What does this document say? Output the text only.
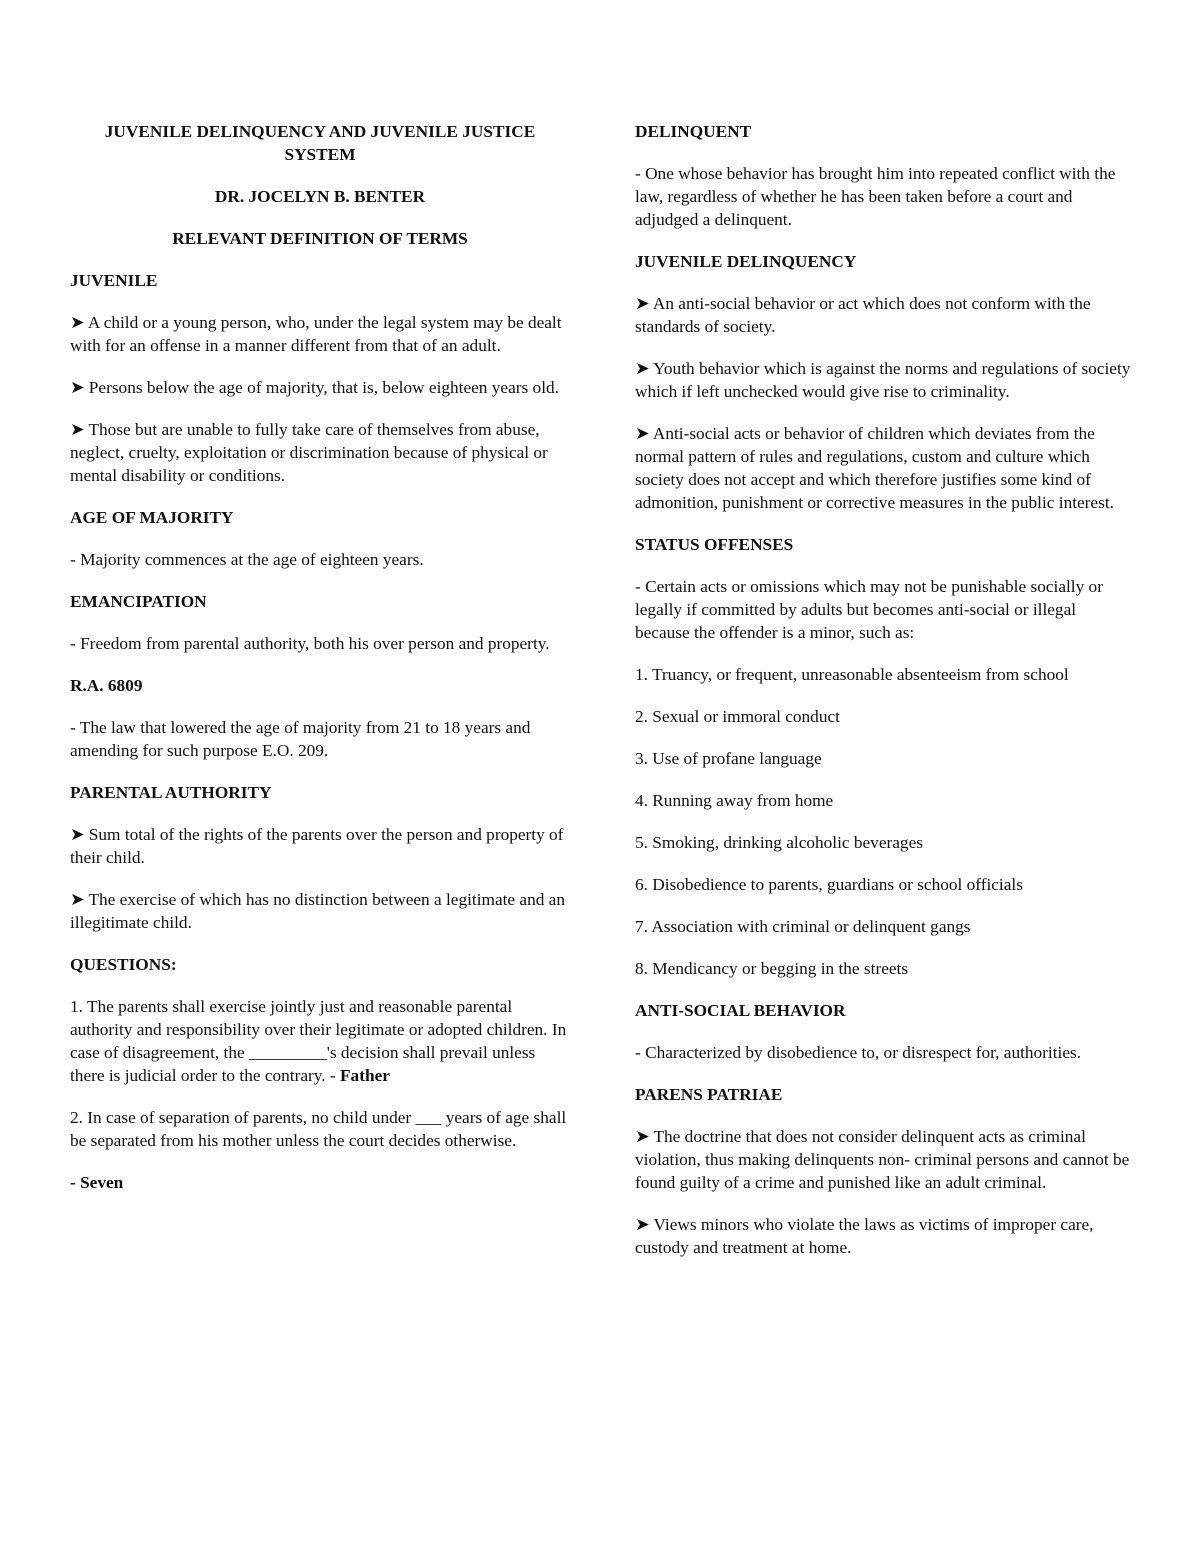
JUVENILE DELINQUENCY AND JUVENILE JUSTICE SYSTEM
DR. JOCELYN B. BENTER
RELEVANT DEFINITION OF TERMS
JUVENILE
➤ A child or a young person, who, under the legal system may be dealt with for an offense in a manner different from that of an adult.
➤ Persons below the age of majority, that is, below eighteen years old.
➤ Those but are unable to fully take care of themselves from abuse, neglect, cruelty, exploitation or discrimination because of physical or mental disability or conditions.
AGE OF MAJORITY
- Majority commences at the age of eighteen years.
EMANCIPATION
- Freedom from parental authority, both his over person and property.
R.A. 6809
- The law that lowered the age of majority from 21 to 18 years and amending for such purpose E.O. 209.
PARENTAL AUTHORITY
➤ Sum total of the rights of the parents over the person and property of their child.
➤ The exercise of which has no distinction between a legitimate and an illegitimate child.
QUESTIONS:
1. The parents shall exercise jointly just and reasonable parental authority and responsibility over their legitimate or adopted children. In case of disagreement, the _________'s decision shall prevail unless there is judicial order to the contrary. - Father
2. In case of separation of parents, no child under ___ years of age shall be separated from his mother unless the court decides otherwise.
- Seven
DELINQUENT
- One whose behavior has brought him into repeated conflict with the law, regardless of whether he has been taken before a court and adjudged a delinquent.
JUVENILE DELINQUENCY
➤ An anti-social behavior or act which does not conform with the standards of society.
➤ Youth behavior which is against the norms and regulations of society which if left unchecked would give rise to criminality.
➤ Anti-social acts or behavior of children which deviates from the normal pattern of rules and regulations, custom and culture which society does not accept and which therefore justifies some kind of admonition, punishment or corrective measures in the public interest.
STATUS OFFENSES
- Certain acts or omissions which may not be punishable socially or legally if committed by adults but becomes anti-social or illegal because the offender is a minor, such as:
1. Truancy, or frequent, unreasonable absenteeism from school
2. Sexual or immoral conduct
3. Use of profane language
4. Running away from home
5. Smoking, drinking alcoholic beverages
6. Disobedience to parents, guardians or school officials
7. Association with criminal or delinquent gangs
8. Mendicancy or begging in the streets
ANTI-SOCIAL BEHAVIOR
- Characterized by disobedience to, or disrespect for, authorities.
PARENS PATRIAE
➤ The doctrine that does not consider delinquent acts as criminal violation, thus making delinquents non- criminal persons and cannot be found guilty of a crime and punished like an adult criminal.
➤ Views minors who violate the laws as victims of improper care, custody and treatment at home.
